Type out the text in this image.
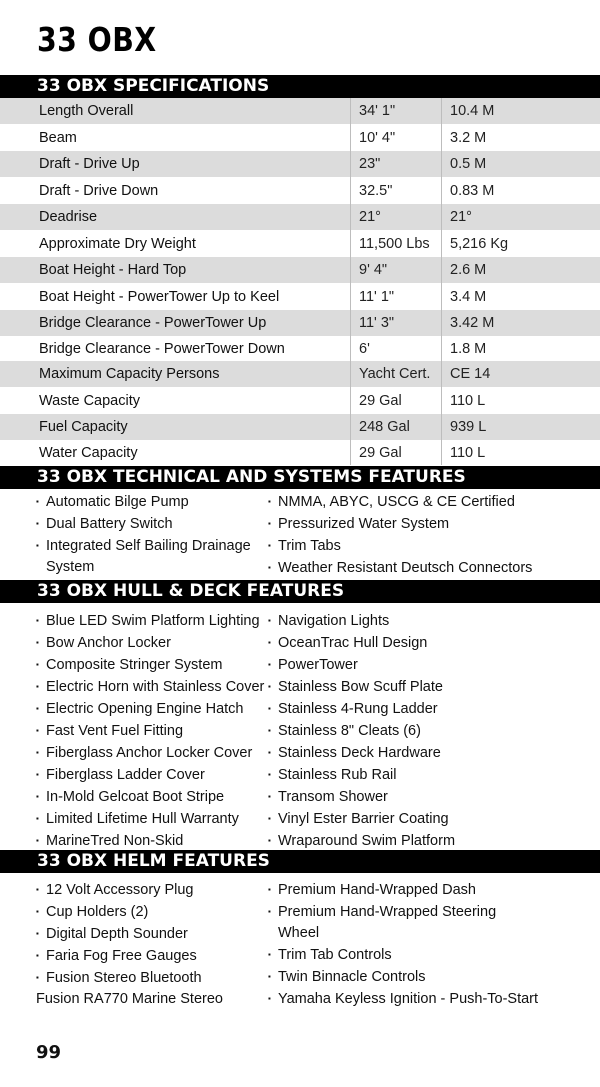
33 OBX
33 OBX SPECIFICATIONS
Length Overall	34' 1"	10.4 M
Beam	10' 4"	3.2 M
Draft - Drive Up	23"	0.5 M
Draft - Drive Down	32.5"	0.83 M
Deadrise	21°	21°
Approximate Dry Weight	11,500 Lbs	5,216 Kg
Boat Height - Hard Top	9' 4"	2.6 M
Boat Height - PowerTower Up to Keel	11' 1"	3.4 M
Bridge Clearance - PowerTower Up	11' 3"	3.42 M
Bridge Clearance - PowerTower Down	6'	1.8 M
Maximum Capacity Persons	Yacht Cert.	CE 14
Waste Capacity	29 Gal	110 L
Fuel Capacity	248 Gal	939 L
Water Capacity	29 Gal	110 L
33 OBX TECHNICAL AND SYSTEMS FEATURES
▪ Automatic Bilge Pump
▪ Dual Battery Switch
▪ Integrated Self Bailing Drainage
System
▪ NMMA, ABYC, USCG & CE Certified
▪ Pressurized Water System
▪ Trim Tabs
▪ Weather Resistant Deutsch Connectors
33 OBX HULL & DECK FEATURES
▪ Blue LED Swim Platform Lighting
▪ Bow Anchor Locker
▪ Composite Stringer System
▪ Electric Horn with Stainless Cover
▪ Electric Opening Engine Hatch
▪ Fast Vent Fuel Fitting
▪ Fiberglass Anchor Locker Cover
▪ Fiberglass Ladder Cover
▪ In-Mold Gelcoat Boot Stripe
▪ Limited Lifetime Hull Warranty
▪ MarineTred Non-Skid
▪ Navigation Lights
▪ OceanTrac Hull Design
▪ PowerTower
▪ Stainless Bow Scuff Plate
▪ Stainless 4-Rung Ladder
▪ Stainless 8" Cleats (6)
▪ Stainless Deck Hardware
▪ Stainless Rub Rail
▪ Transom Shower
▪ Vinyl Ester Barrier Coating
▪ Wraparound Swim Platform
33 OBX HELM FEATURES
▪ 12 Volt Accessory Plug
▪ Cup Holders (2)
▪ Digital Depth Sounder
▪ Faria Fog Free Gauges
▪ Fusion Stereo Bluetooth
Fusion RA770 Marine Stereo
▪ Premium Hand-Wrapped Dash
▪ Premium Hand-Wrapped Steering
Wheel
▪ Trim Tab Controls
▪ Twin Binnacle Controls
▪ Yamaha Keyless Ignition - Push-To-Start
99
